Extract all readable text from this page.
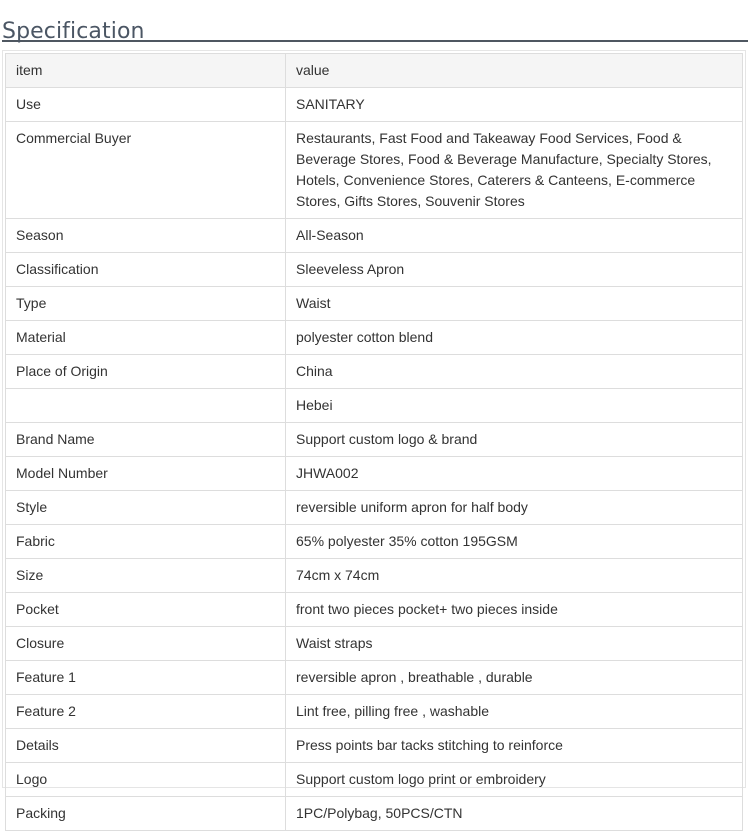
Specification
item	value
Use	SANITARY
Commercial Buyer	Restaurants, Fast Food and Takeaway Food Services, Food & Beverage Stores, Food & Beverage Manufacture, Specialty Stores, Hotels, Convenience Stores, Caterers & Canteens, E-commerce Stores, Gifts Stores, Souvenir Stores
Season	All-Season
Classification	Sleeveless Apron
Type	Waist
Material	polyester cotton blend
Place of Origin	China
	Hebei
Brand Name	Support custom logo & brand
Model Number	JHWA002
Style	reversible uniform apron for half body
Fabric	65% polyester 35% cotton 195GSM
Size	74cm x 74cm
Pocket	front two pieces pocket+ two pieces inside
Closure	Waist straps
Feature 1	reversible apron , breathable , durable
Feature 2	Lint free, pilling free , washable
Details	Press points bar tacks stitching to reinforce
Logo	Support custom logo print or embroidery
Packing	1PC/Polybag, 50PCS/CTN
